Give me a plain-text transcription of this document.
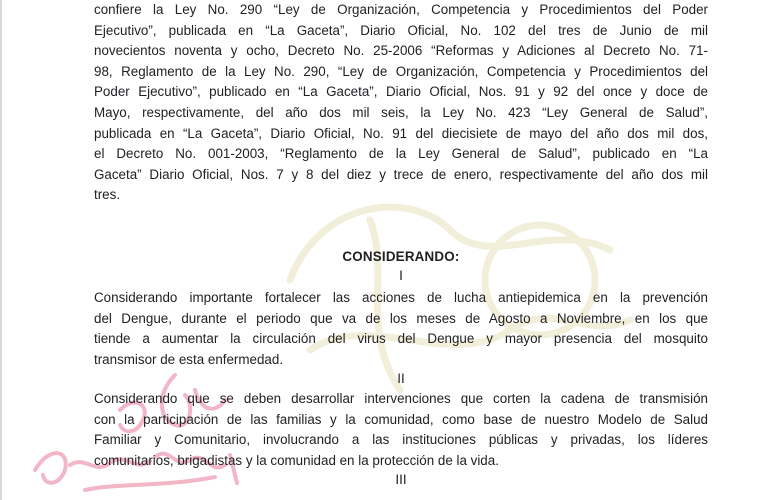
confiere la Ley No. 290 “Ley de Organización, Competencia y Procedimientos del Poder
Ejecutivo”, publicada en “La Gaceta”, Diario Oficial, No. 102 del tres de Junio de mil
novecientos noventa y ocho, Decreto No. 25-2006 “Reformas y Adiciones al Decreto No. 71-
98, Reglamento de la Ley No. 290, “Ley de Organización, Competencia y Procedimientos del
Poder Ejecutivo”, publicado en “La Gaceta”, Diario Oficial, Nos. 91 y 92 del once y doce de
Mayo, respectivamente, del año dos mil seis, la Ley No. 423 “Ley General de Salud”,
publicada en “La Gaceta”, Diario Oficial, No. 91 del diecisiete de mayo del año dos mil dos,
el Decreto No. 001-2003, “Reglamento de la Ley General de Salud”, publicado en “La
Gaceta” Diario Oficial, Nos. 7 y 8 del diez y trece de enero, respectivamente del año dos mil
tres.
CONSIDERANDO:
I
Considerando importante fortalecer las acciones de lucha antiepidemica en la prevención
del Dengue, durante el periodo que va de los meses de Agosto a Noviembre, en los que
tiende a aumentar la circulación del virus del Dengue y mayor presencia del mosquito
transmisor de esta enfermedad.
II
Considerando que se deben desarrollar intervenciones que corten la cadena de transmisión
con la participación de las familias y la comunidad, como base de nuestro Modelo de Salud
Familiar y Comunitario, involucrando a las instituciones públicas y privadas, los líderes
comunitarios, brigadistas y la comunidad en la protección de la vida.
III
